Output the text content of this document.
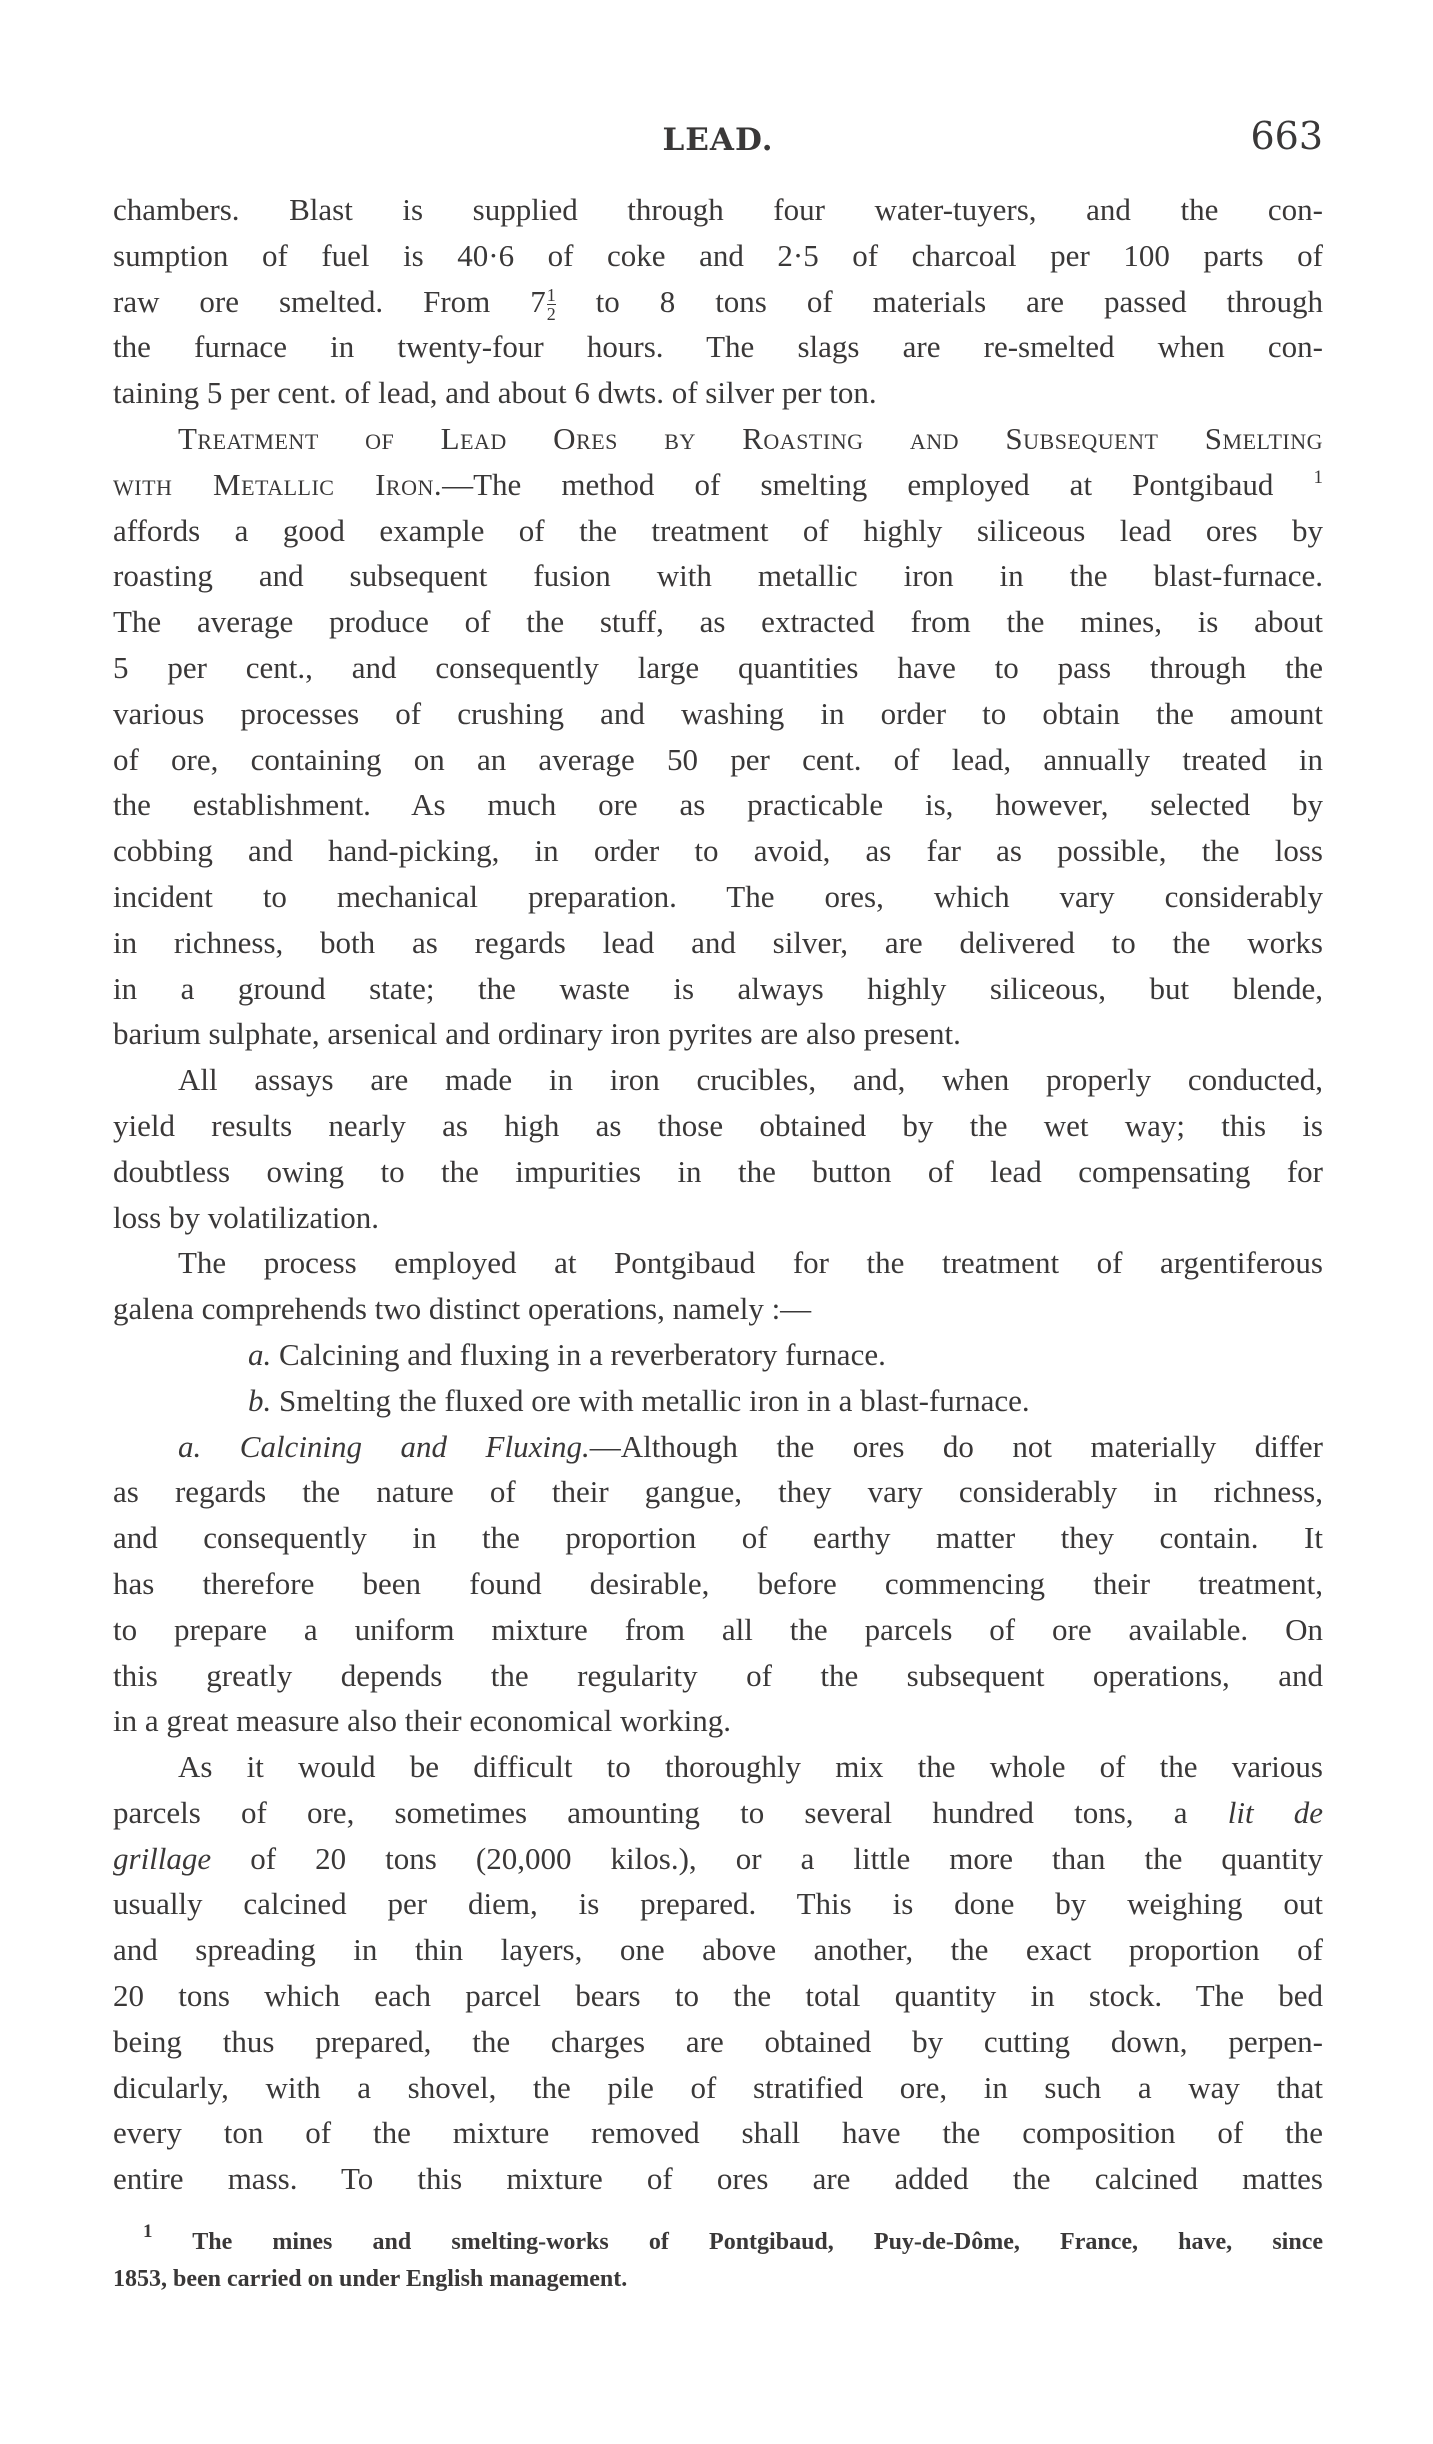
LEAD.	663
chambers. Blast is supplied through four water-tuyers, and the con-
sumption of fuel is 40·6 of coke and 2·5 of charcoal per 100 parts of
raw ore smelted. From $7 \frac{1}{2}$ to 8 tons of materials are passed through
the furnace in twenty-four hours. The slags are re-smelted when con-
taining 5 per cent. of lead, and about 6 dwts. of silver per ton.
Treatment of Lead Ores by Roasting and Subsequent Smelting
with Metallic Iron.—The method of smelting employed at Pontgibaud $^1$
affords a good example of the treatment of highly siliceous lead ores by
roasting and subsequent fusion with metallic iron in the blast-furnace.
The average produce of the stuff, as extracted from the mines, is about
5 per cent., and consequently large quantities have to pass through the
various processes of crushing and washing in order to obtain the amount
of ore, containing on an average 50 per cent. of lead, annually treated in
the establishment. As much ore as practicable is, however, selected by
cobbing and hand-picking, in order to avoid, as far as possible, the loss
incident to mechanical preparation. The ores, which vary considerably
in richness, both as regards lead and silver, are delivered to the works
in a ground state; the waste is always highly siliceous, but blende,
barium sulphate, arsenical and ordinary iron pyrites are also present.
All assays are made in iron crucibles, and, when properly conducted,
yield results nearly as high as those obtained by the wet way; this is
doubtless owing to the impurities in the button of lead compensating for
loss by volatilization.
The process employed at Pontgibaud for the treatment of argentiferous
galena comprehends two distinct operations, namely :—
a. Calcining and fluxing in a reverberatory furnace.
b. Smelting the fluxed ore with metallic iron in a blast-furnace.
a. Calcining and Fluxing.—Although the ores do not materially differ
as regards the nature of their gangue, they vary considerably in richness,
and consequently in the proportion of earthy matter they contain. It
has therefore been found desirable, before commencing their treatment,
to prepare a uniform mixture from all the parcels of ore available. On
this greatly depends the regularity of the subsequent operations, and
in a great measure also their economical working.
As it would be difficult to thoroughly mix the whole of the various
parcels of ore, sometimes amounting to several hundred tons, a lit de
grillage of 20 tons (20,000 kilos.), or a little more than the quantity
usually calcined per diem, is prepared. This is done by weighing out
and spreading in thin layers, one above another, the exact proportion of
20 tons which each parcel bears to the total quantity in stock. The bed
being thus prepared, the charges are obtained by cutting down, perpen-
dicularly, with a shovel, the pile of stratified ore, in such a way that
every ton of the mixture removed shall have the composition of the
entire mass. To this mixture of ores are added the calcined mattes
$^1$ The mines and smelting-works of Pontgibaud, Puy-de-Dôme, France, have, since
1853, been carried on under English management.
